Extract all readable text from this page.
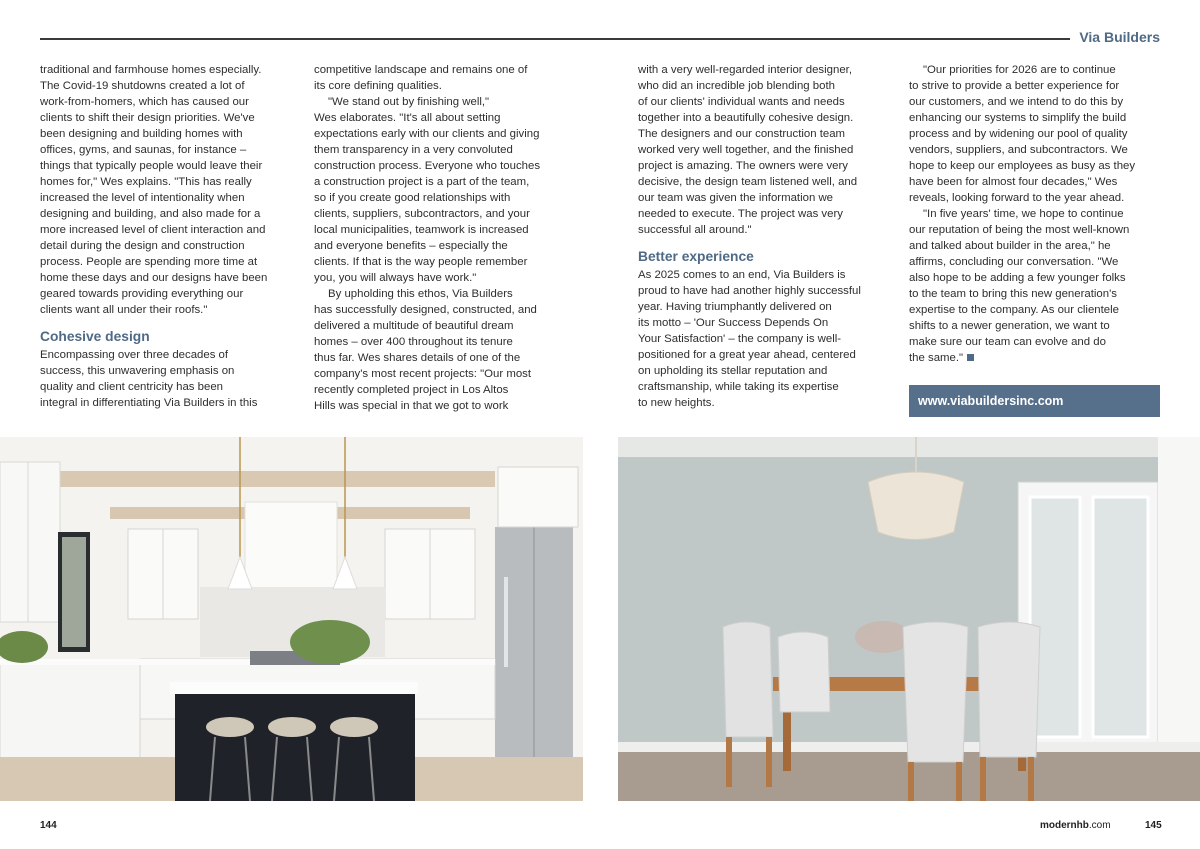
Via Builders

traditional and farmhouse homes especially.
The Covid-19 shutdowns created a lot of
work-from-homers, which has caused our
clients to shift their design priorities. We've
been designing and building homes with
offices, gyms, and saunas, for instance –
things that typically people would leave their
homes for," Wes explains. "This has really
increased the level of intentionality when
designing and building, and also made for a
more increased level of client interaction and
detail during the design and construction
process. People are spending more time at
home these days and our designs have been
geared towards providing everything our
clients want all under their roofs."

Cohesive design

Encompassing over three decades of
success, this unwavering emphasis on
quality and client centricity has been
integral in differentiating Via Builders in this

competitive landscape and remains one of
its core defining qualities.

"We stand out by finishing well,"
Wes elaborates. "It's all about setting
expectations early with our clients and giving
them transparency in a very convoluted
construction process. Everyone who touches
a construction project is a part of the team,
so if you create good relationships with
clients, suppliers, subcontractors, and your
local municipalities, teamwork is increased
and everyone benefits – especially the
clients. If that is the way people remember
you, you will always have work."

By upholding this ethos, Via Builders
has successfully designed, constructed, and
delivered a multitude of beautiful dream
homes – over 400 throughout its tenure
thus far. Wes shares details of one of the
company's most recent projects: "Our most
recently completed project in Los Altos
Hills was special in that we got to work

with a very well-regarded interior designer,
who did an incredible job blending both
of our clients' individual wants and needs
together into a beautifully cohesive design.
The designers and our construction team
worked very well together, and the finished
project is amazing. The owners were very
decisive, the design team listened well, and
our team was given the information we
needed to execute. The project was very
successful all around."

Better experience

As 2025 comes to an end, Via Builders is
proud to have had another highly successful
year. Having triumphantly delivered on
its motto – 'Our Success Depends On
Your Satisfaction' – the company is well-
positioned for a great year ahead, centered
on upholding its stellar reputation and
craftsmanship, while taking its expertise
to new heights.

"Our priorities for 2026 are to continue
to strive to provide a better experience for
our customers, and we intend to do this by
enhancing our systems to simplify the build
process and by widening our pool of quality
vendors, suppliers, and subcontractors. We
hope to keep our employees as busy as they
have been for almost four decades," Wes
reveals, looking forward to the year ahead.

"In five years' time, we hope to continue
our reputation of being the most well-known
and talked about builder in the area," he
affirms, concluding our conversation. "We
also hope to be adding a few younger folks
to the team to bring this new generation's
expertise to the company. As our clientele
shifts to a newer generation, we want to
make sure our team can evolve and do
the same."

www.viabuildersinc.com
144	modernhb.com	145
